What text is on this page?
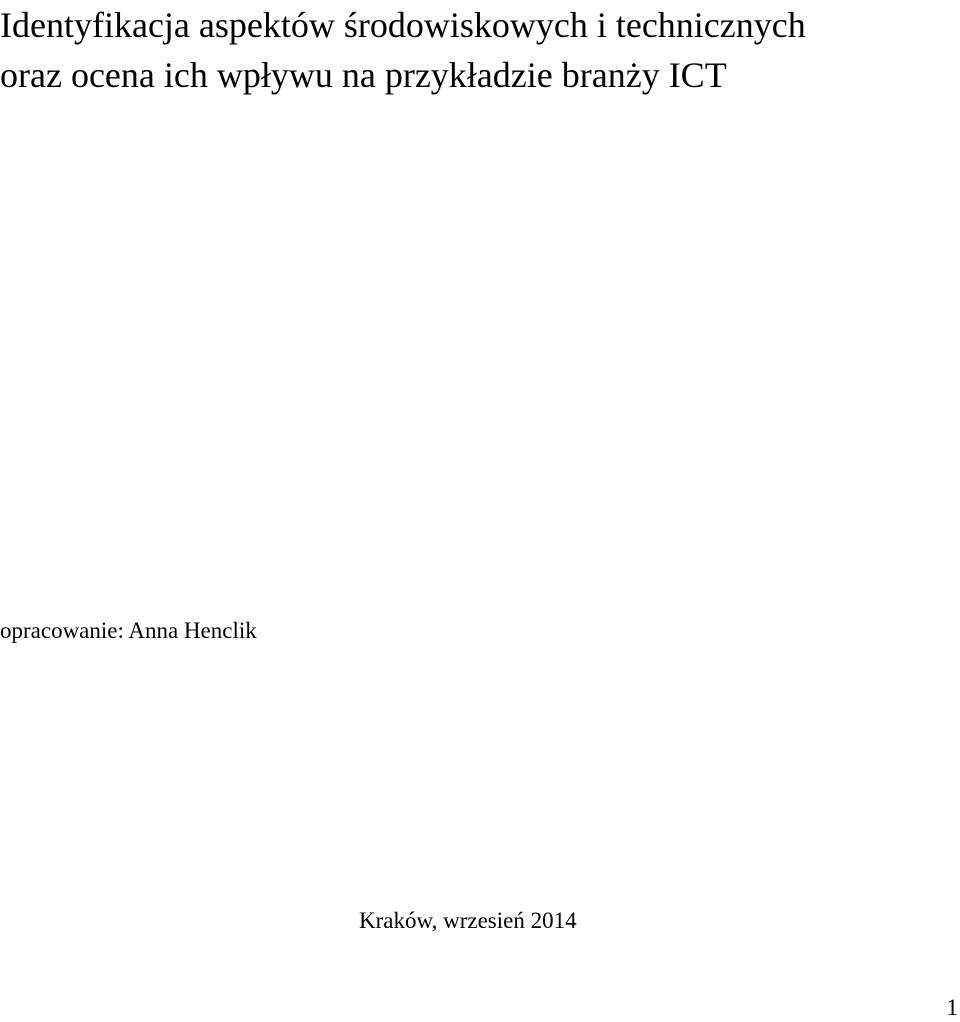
Identyfikacja aspektów środowiskowych i technicznych
oraz ocena ich wpływu na przykładzie branży ICT
opracowanie: Anna Henclik
Kraków, wrzesień 2014
1
